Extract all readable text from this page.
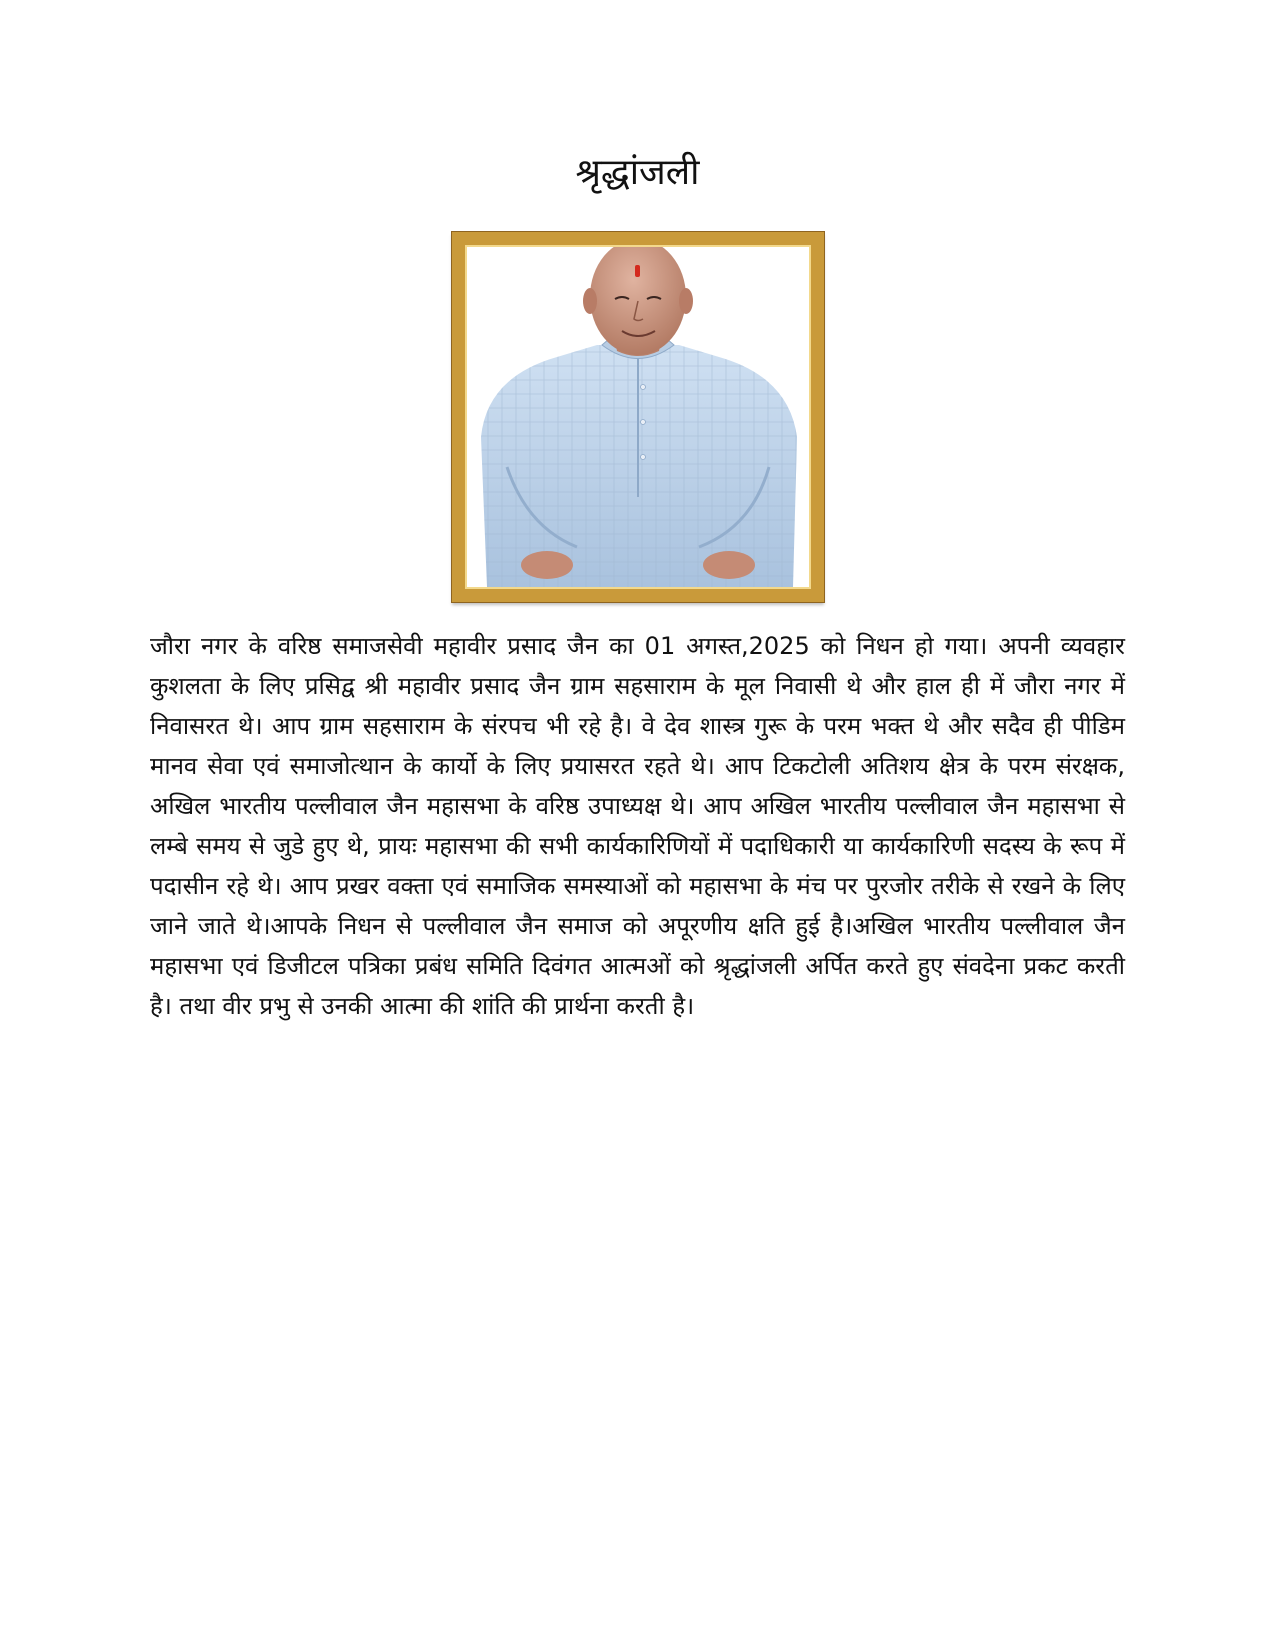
श्रृद्धांजली

जौरा नगर के वरिष्ठ समाजसेवी महावीर प्रसाद जैन का 01 अगस्त,2025 को निधन हो गया। अपनी व्यवहार कुशलता के लिए प्रसिद्व श्री महावीर प्रसाद जैन ग्राम सहसाराम के मूल निवासी थे और हाल ही में जौरा नगर में निवासरत थे। आप ग्राम सहसाराम के संरपच भी रहे है। वे देव शास्त्र गुरू के परम भक्त थे और सदैव ही पीडिम मानव सेवा एवं समाजोत्थान के कार्यो के लिए प्रयासरत रहते थे। आप टिकटोली अतिशय क्षेत्र के परम संरक्षक, अखिल भारतीय पल्लीवाल जैन महासभा के वरिष्ठ उपाध्यक्ष थे। आप अखिल भारतीय पल्लीवाल जैन महासभा से लम्बे समय से जुडे हुए थे, प्रायः महासभा की सभी कार्यकारिणियों में पदाधिकारी या कार्यकारिणी सदस्य के रूप में पदासीन रहे थे। आप प्रखर वक्ता एवं समाजिक समस्याओं को महासभा के मंच पर पुरजोर तरीके से रखने के लिए जाने जाते थे।आपके निधन से पल्लीवाल जैन समाज को अपूरणीय क्षति हुई है।अखिल भारतीय पल्लीवाल जैन महासभा एवं डिजीटल पत्रिका प्रबंध समिति दिवंगत आत्मओं को श्रृद्धांजली अर्पित करते हुए संवदेना प्रकट करती है। तथा वीर प्रभु से उनकी आत्मा की शांति की प्रार्थना करती है।
